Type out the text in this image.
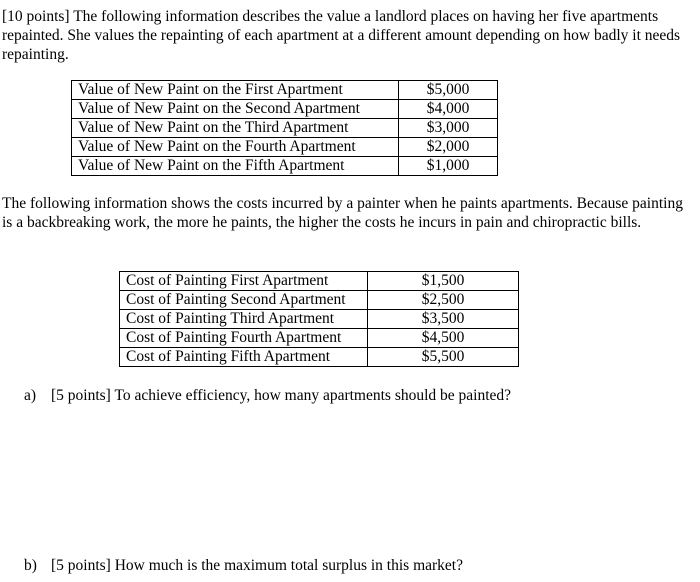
[10 points] The following information describes the value a landlord places on having her five apartments repainted. She values the repainting of each apartment at a different amount depending on how badly it needs repainting.

Value of New Paint on the First Apartment	$5,000
Value of New Paint on the Second Apartment	$4,000
Value of New Paint on the Third Apartment	$3,000
Value of New Paint on the Fourth Apartment	$2,000
Value of New Paint on the Fifth Apartment	$1,000

The following information shows the costs incurred by a painter when he paints apartments. Because painting is a backbreaking work, the more he paints, the higher the costs he incurs in pain and chiropractic bills.

Cost of Painting First Apartment	$1,500
Cost of Painting Second Apartment	$2,500
Cost of Painting Third Apartment	$3,500
Cost of Painting Fourth Apartment	$4,500
Cost of Painting Fifth Apartment	$5,500

a) [5 points] To achieve efficiency, how many apartments should be painted?

b) [5 points] How much is the maximum total surplus in this market?
